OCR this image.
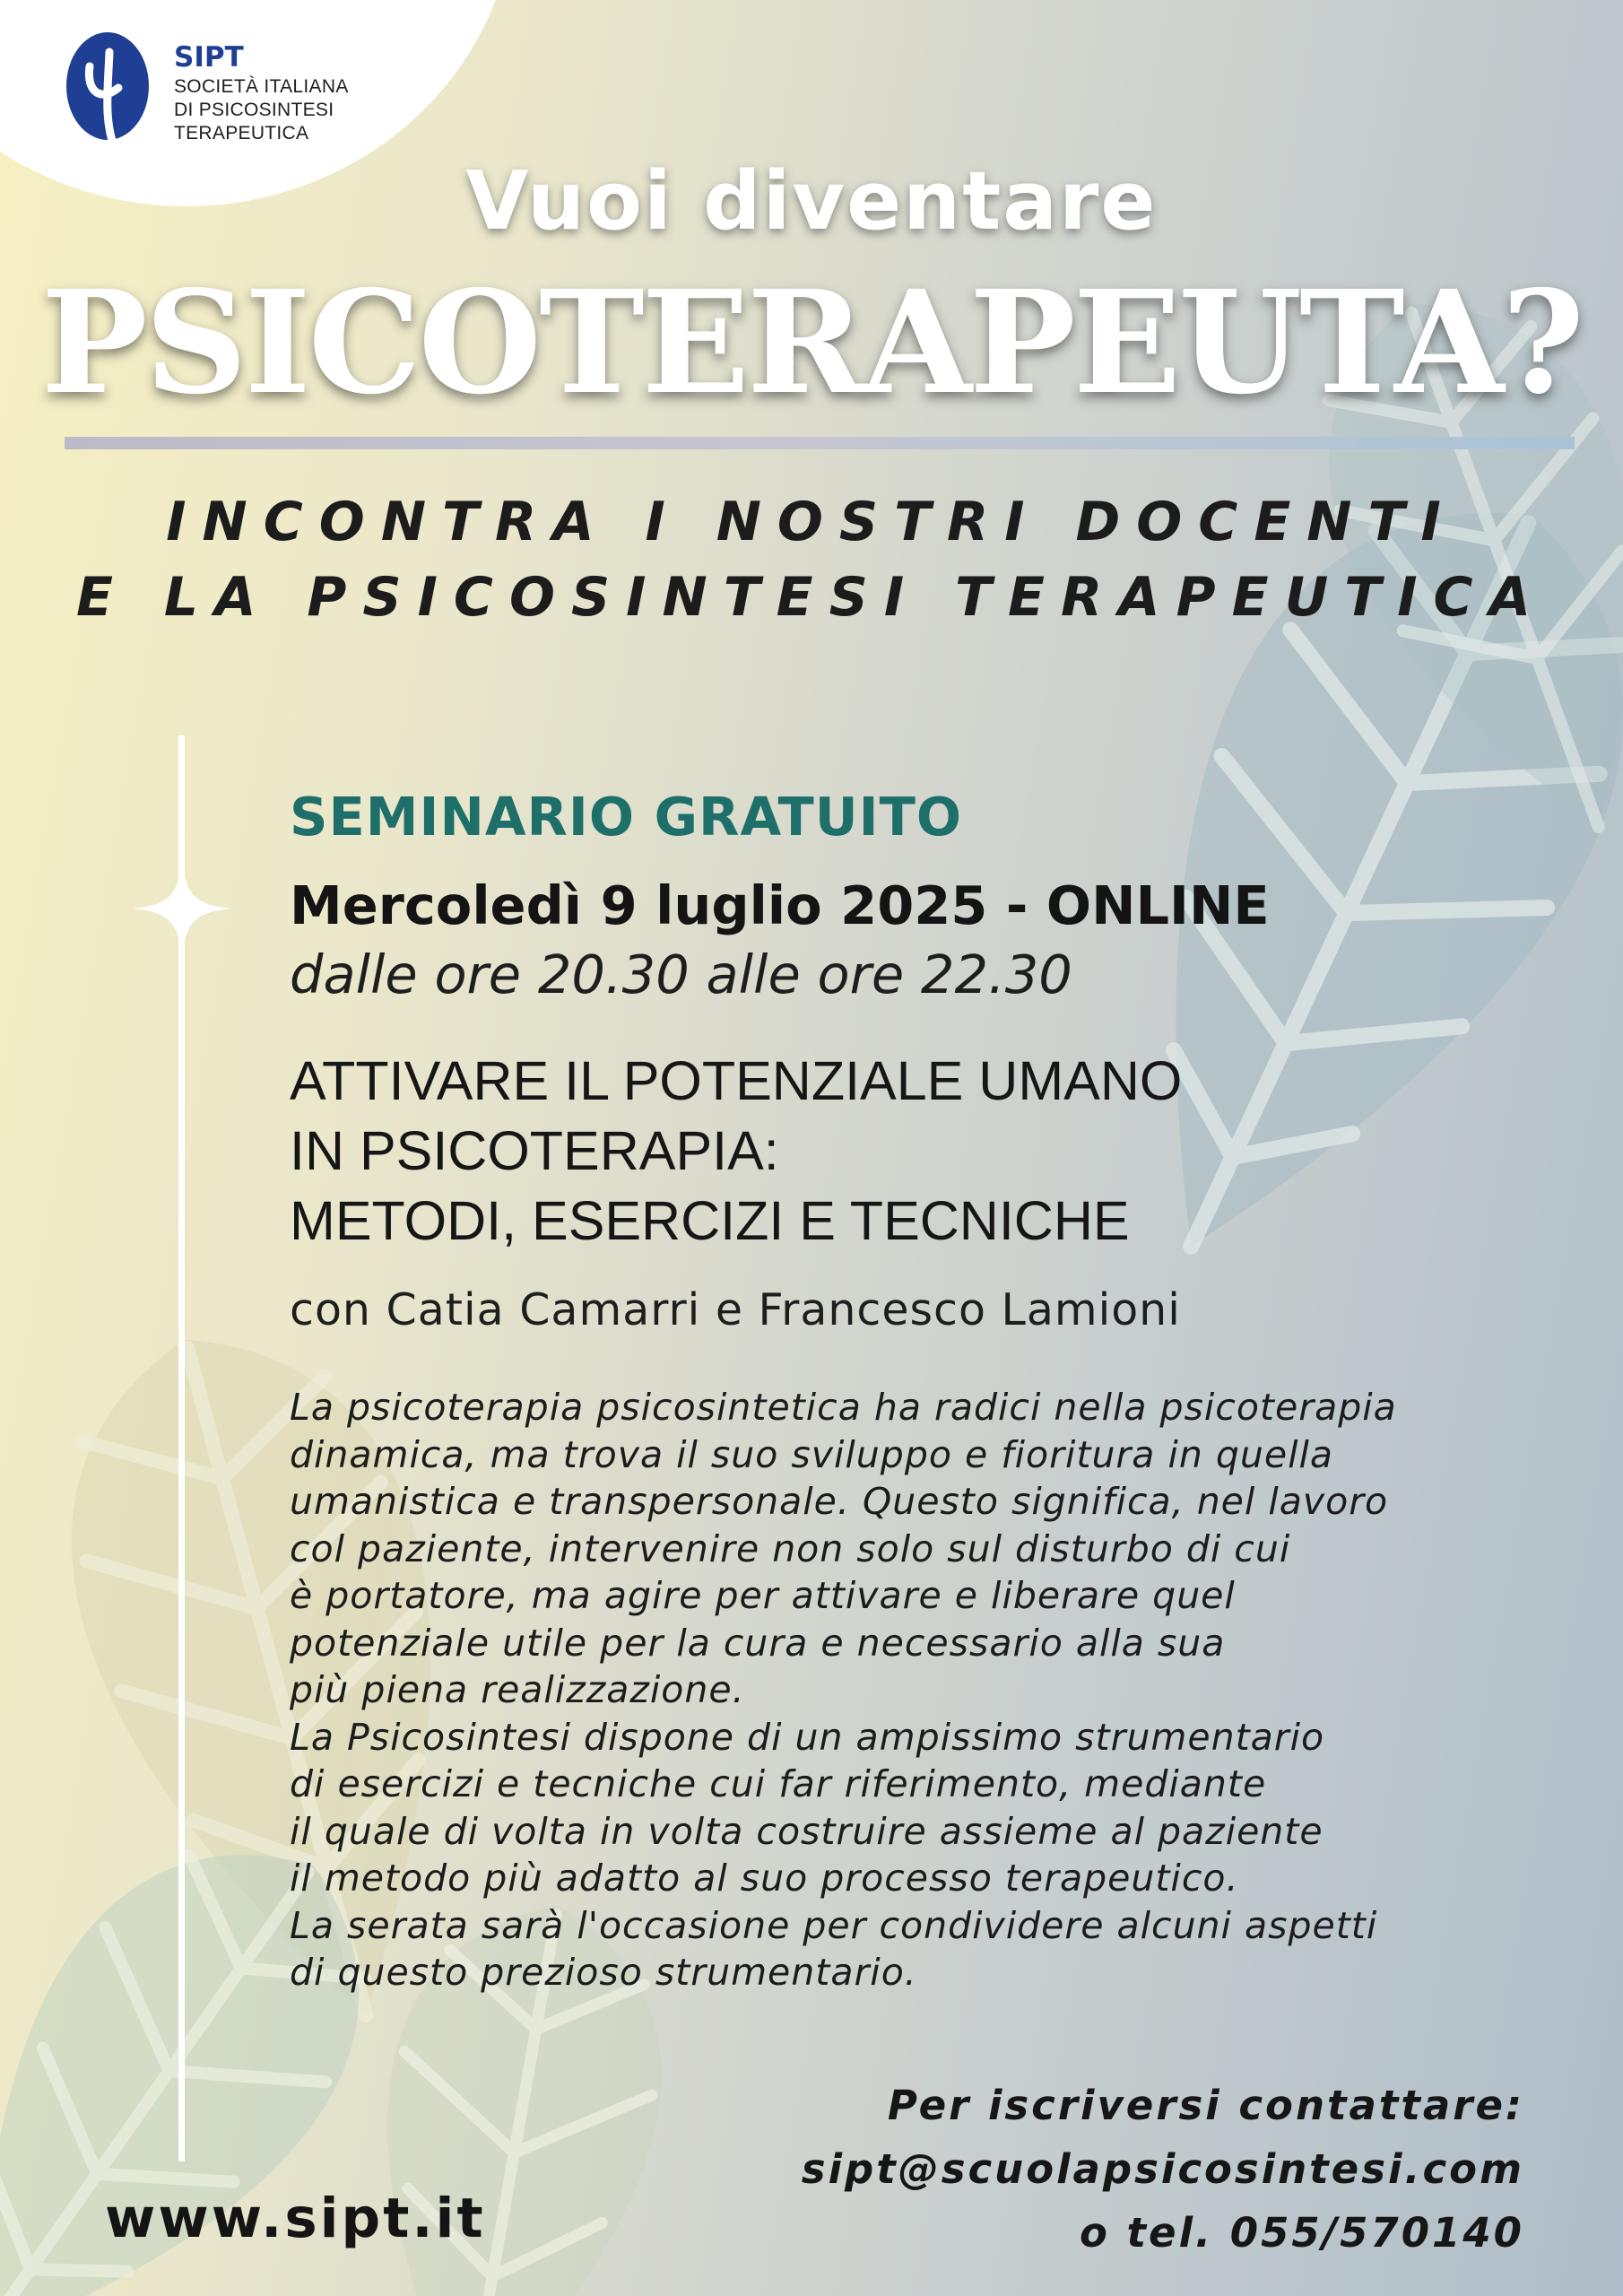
SIPT

SOCIETÀ ITALIANA
DI PSICOSINTESI
TERAPEUTICA

Vuoi diventare

PSICOTERAPEUTA?

INCONTRA I NOSTRI DOCENTI
E LA PSICOSINTESI TERAPEUTICA

SEMINARIO GRATUITO

Mercoledì 9 luglio 2025 - ONLINE

dalle ore 20.30 alle ore 22.30

ATTIVARE IL POTENZIALE UMANO
IN PSICOTERAPIA:
METODI, ESERCIZI E TECNICHE

con Catia Camarri e Francesco Lamioni

La psicoterapia psicosintetica ha radici nella psicoterapia
dinamica, ma trova il suo sviluppo e fioritura in quella
umanistica e transpersonale. Questo significa, nel lavoro
col paziente, intervenire non solo sul disturbo di cui
è portatore, ma agire per attivare e liberare quel
potenziale utile per la cura e necessario alla sua
più piena realizzazione.
La Psicosintesi dispone di un ampissimo strumentario
di esercizi e tecniche cui far riferimento, mediante
il quale di volta in volta costruire assieme al paziente
il metodo più adatto al suo processo terapeutico.
La serata sarà l'occasione per condividere alcuni aspetti
di questo prezioso strumentario.
Per iscriversi contattare:
sipt@scuolapsicosintesi.com
o tel. 055/570140

www.sipt.it
